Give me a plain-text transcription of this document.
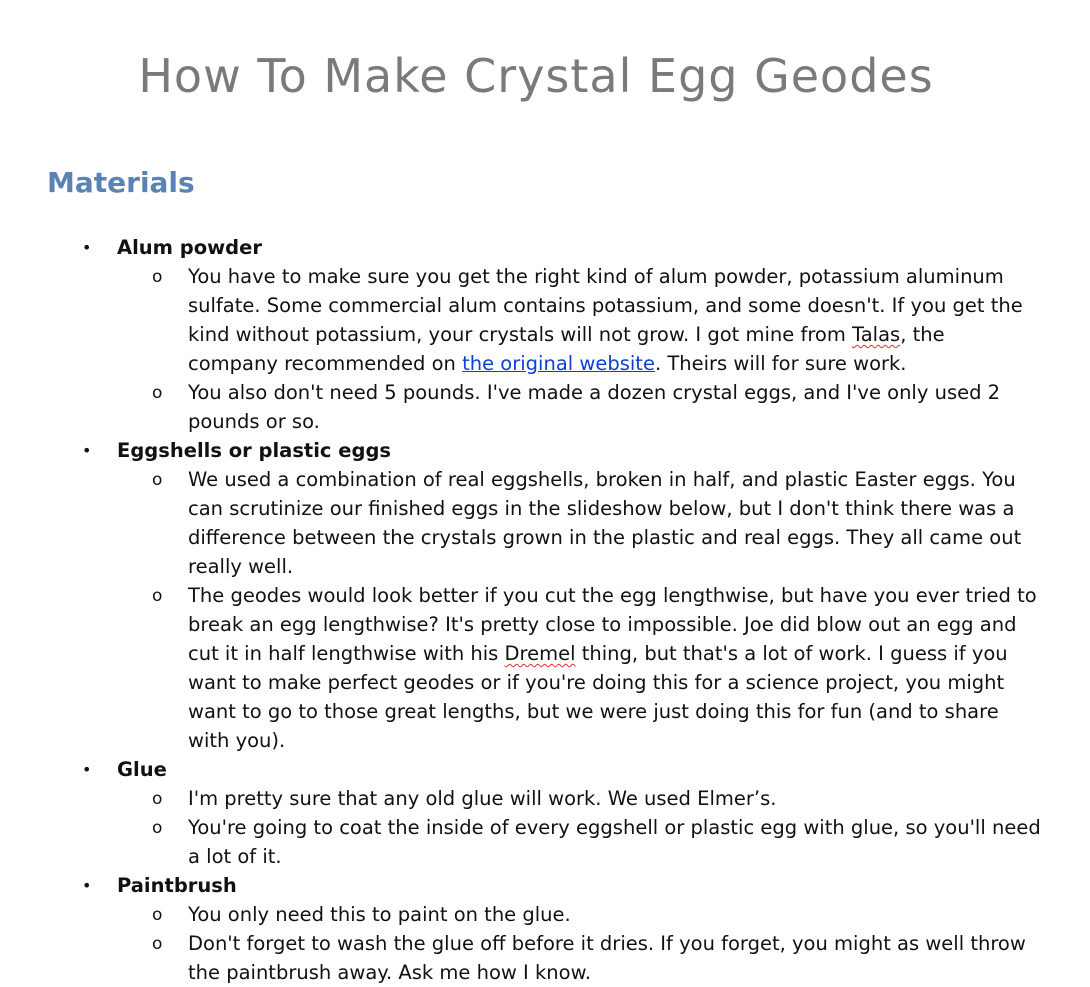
How To Make Crystal Egg Geodes
Materials
• Alum powder
o You have to make sure you get the right kind of alum powder, potassium aluminum
sulfate. Some commercial alum contains potassium, and some doesn't. If you get the
kind without potassium, your crystals will not grow. I got mine from Talas, the
company recommended on the original website. Theirs will for sure work.
o You also don't need 5 pounds. I've made a dozen crystal eggs, and I've only used 2
pounds or so.
• Eggshells or plastic eggs
o We used a combination of real eggshells, broken in half, and plastic Easter eggs. You
can scrutinize our finished eggs in the slideshow below, but I don't think there was a
difference between the crystals grown in the plastic and real eggs. They all came out
really well.
o The geodes would look better if you cut the egg lengthwise, but have you ever tried to
break an egg lengthwise? It's pretty close to impossible. Joe did blow out an egg and
cut it in half lengthwise with his Dremel thing, but that's a lot of work. I guess if you
want to make perfect geodes or if you're doing this for a science project, you might
want to go to those great lengths, but we were just doing this for fun (and to share
with you).
• Glue
o I'm pretty sure that any old glue will work. We used Elmer’s.
o You're going to coat the inside of every eggshell or plastic egg with glue, so you'll need
a lot of it.
• Paintbrush
o You only need this to paint on the glue.
o Don't forget to wash the glue off before it dries. If you forget, you might as well throw
the paintbrush away. Ask me how I know.
